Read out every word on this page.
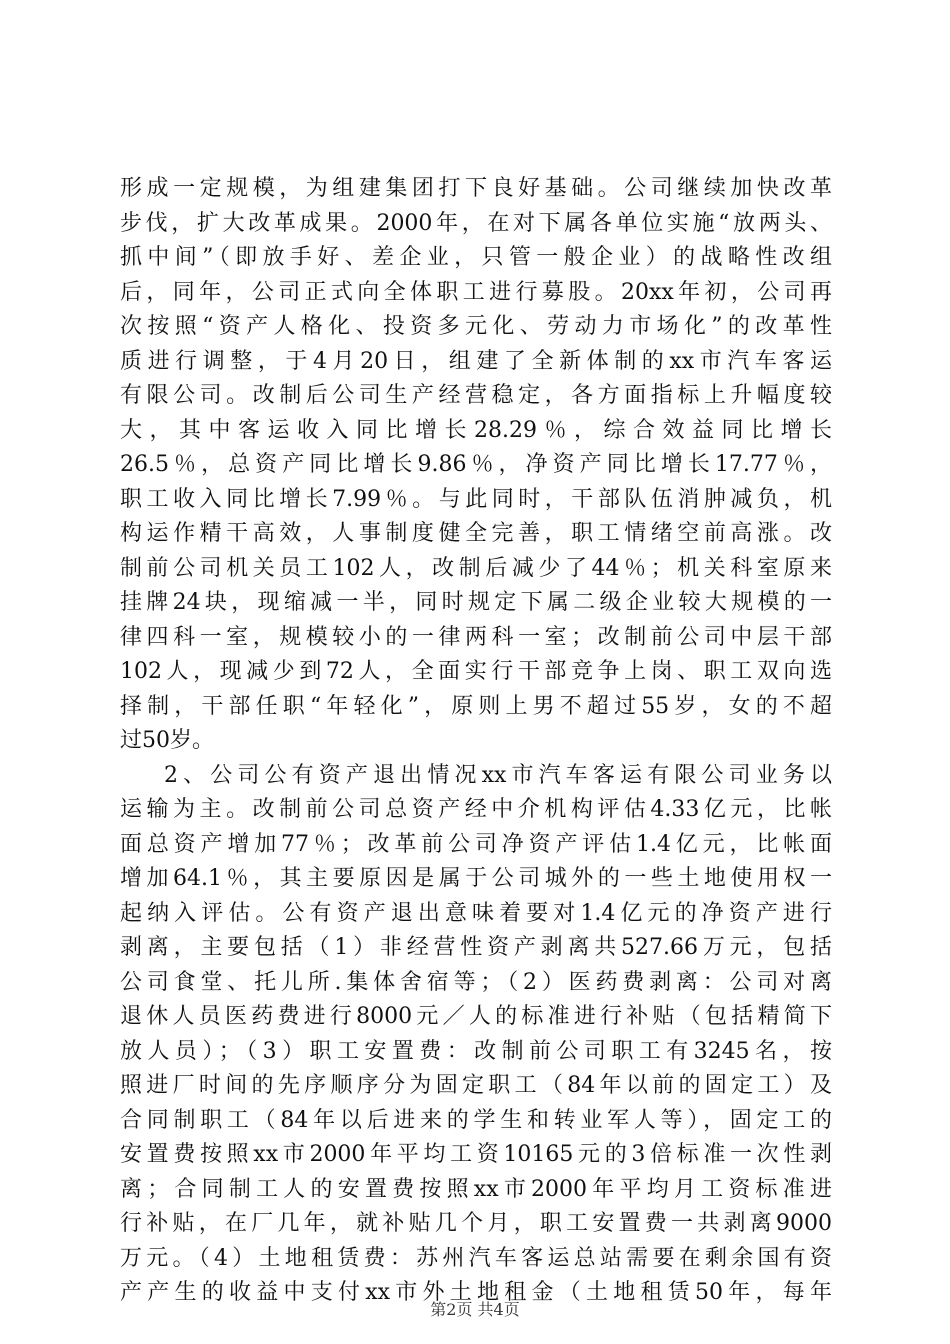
形成一定规模，为组建集团打下良好基础。公司继续加快改革
步伐，扩大改革成果。2000年，在对下属各单位实施“放两头、
抓中间”（即放手好、差企业，只管一般企业）的战略性改组
后，同年，公司正式向全体职工进行募股。20xx年初，公司再
次按照“资产人格化、投资多元化、劳动力市场化”的改革性
质进行调整，于4月20日，组建了全新体制的xx市汽车客运
有限公司。改制后公司生产经营稳定，各方面指标上升幅度较
大，其中客运收入同比增长28.29％，综合效益同比增长
26.5％，总资产同比增长9.86％，净资产同比增长17.77％，
职工收入同比增长7.99％。与此同时，干部队伍消肿减负，机
构运作精干高效，人事制度健全完善，职工情绪空前高涨。改
制前公司机关员工102人，改制后减少了44％；机关科室原来
挂牌24块，现缩减一半，同时规定下属二级企业较大规模的一
律四科一室，规模较小的一律两科一室；改制前公司中层干部
102人，现减少到72人，全面实行干部竞争上岗、职工双向选
择制，干部任职“年轻化”，原则上男不超过55岁，女的不超
过50岁。
2、公司公有资产退出情况xx市汽车客运有限公司业务以
运输为主。改制前公司总资产经中介机构评估4.33亿元，比帐
面总资产增加77％；改革前公司净资产评估1.4亿元，比帐面
增加64.1％，其主要原因是属于公司城外的一些土地使用权一
起纳入评估。公有资产退出意味着要对1.4亿元的净资产进行
剥离，主要包括（1）非经营性资产剥离共527.66万元，包括
公司食堂、托儿所.集体舍宿等；（2）医药费剥离：公司对离
退休人员医药费进行8000元／人的标准进行补贴（包括精简下
放人员）；（3）职工安置费：改制前公司职工有3245名，按
照进厂时间的先序顺序分为固定职工（84年以前的固定工）及
合同制职工（84年以后进来的学生和转业军人等），固定工的
安置费按照xx市2000年平均工资10165元的3倍标准一次性剥
离；合同制工人的安置费按照xx市2000年平均月工资标准进
行补贴，在厂几年，就补贴几个月，职工安置费一共剥离9000
万元。（4）土地租赁费：苏州汽车客运总站需要在剩余国有资
产产生的收益中支付xx市外土地租金（土地租赁50年，每年
第2页 共4页
